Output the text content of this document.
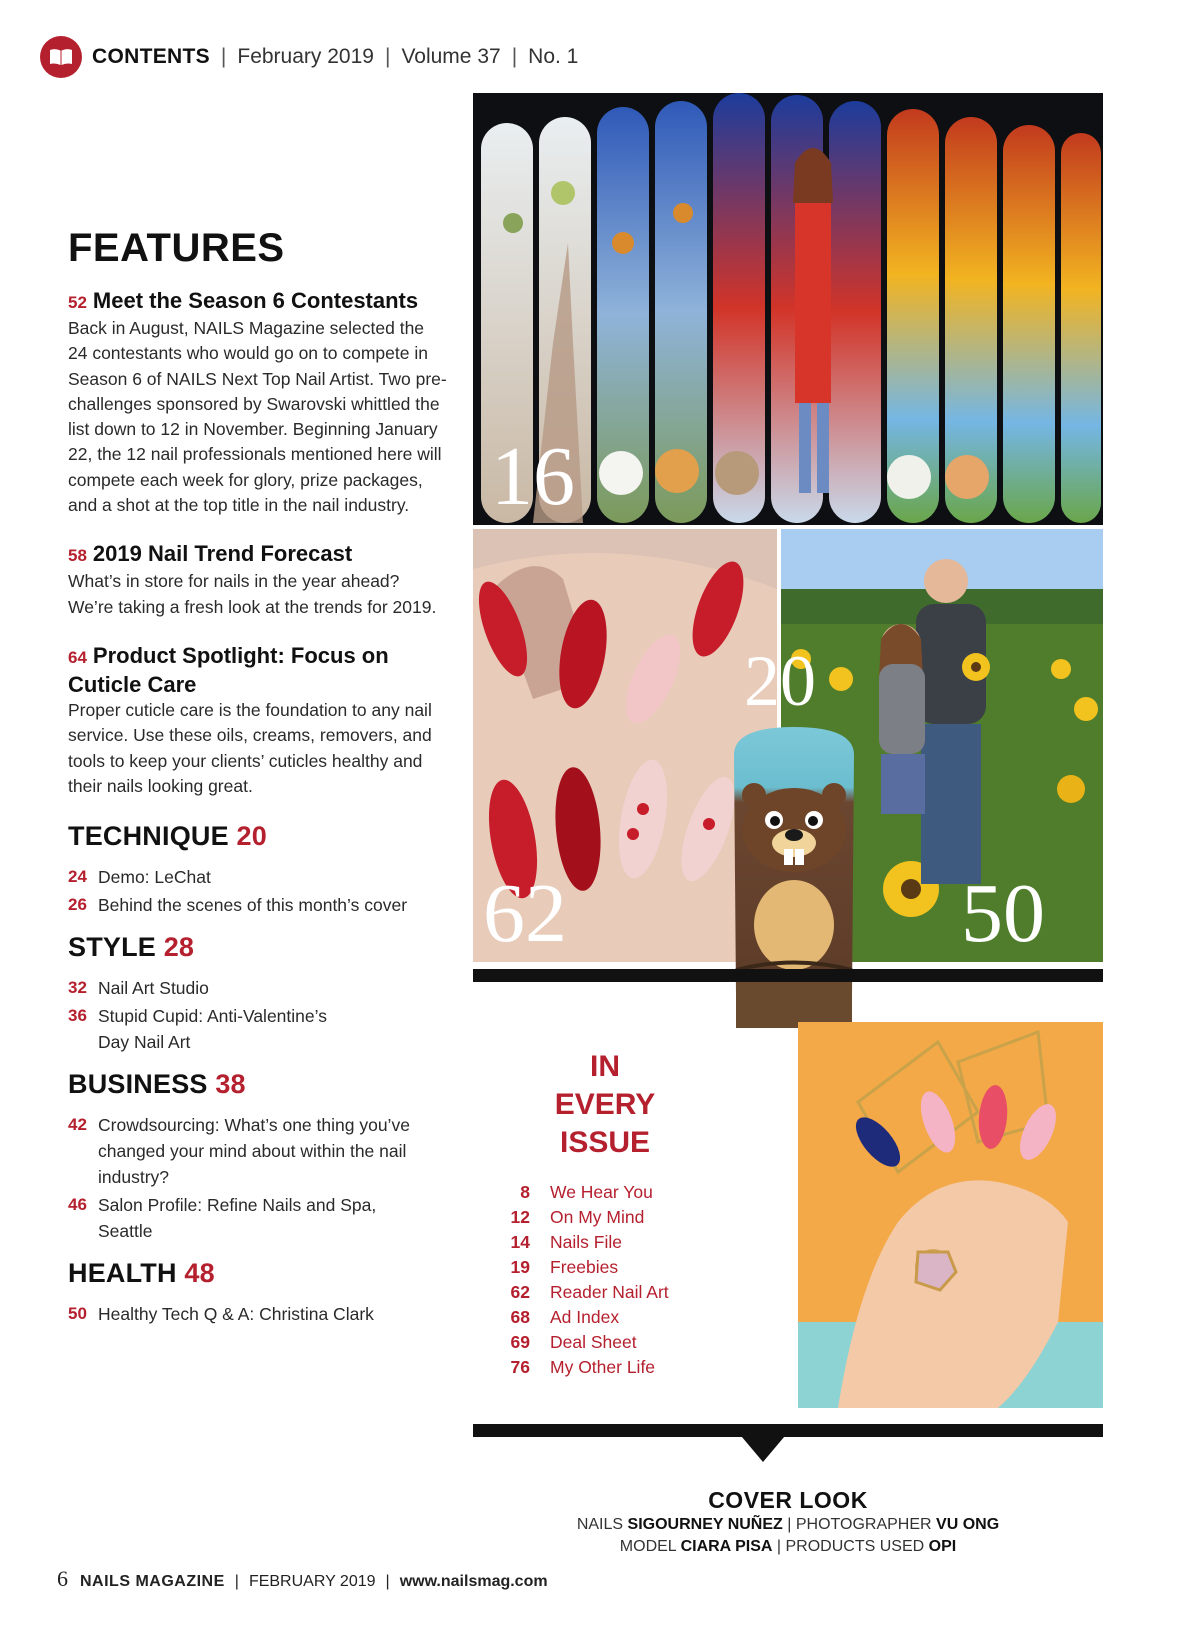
CONTENTS | February 2019 | Volume 37 | No. 1
FEATURES
52 Meet the Season 6 Contestants
Back in August, NAILS Magazine selected the 24 contestants who would go on to compete in Season 6 of NAILS Next Top Nail Artist. Two pre-challenges sponsored by Swarovski whittled the list down to 12 in November. Beginning January 22, the 12 nail professionals mentioned here will compete each week for glory, prize packages, and a shot at the top title in the nail industry.
58 2019 Nail Trend Forecast
What’s in store for nails in the year ahead? We’re taking a fresh look at the trends for 2019.
64 Product Spotlight: Focus on Cuticle Care
Proper cuticle care is the foundation to any nail service. Use these oils, creams, removers, and tools to keep your clients’ cuticles healthy and their nails looking great.
TECHNIQUE 20
24 Demo: LeChat
26 Behind the scenes of this month’s cover
STYLE 28
32 Nail Art Studio
36 Stupid Cupid: Anti-Valentine’s Day Nail Art
BUSINESS 38
42 Crowdsourcing: What’s one thing you’ve changed your mind about within the nail industry?
46 Salon Profile: Refine Nails and Spa, Seattle
HEALTH 48
50 Healthy Tech Q & A: Christina Clark
16
62	50
20
IN
EVERY
ISSUE
8 We Hear You
12 On My Mind
14 Nails File
19 Freebies
62 Reader Nail Art
68 Ad Index
69 Deal Sheet
76 My Other Life
COVER LOOK
NAILS SIGOURNEY NUÑEZ | PHOTOGRAPHER VU ONG
MODEL CIARA PISA | PRODUCTS USED OPI
6 NAILS MAGAZINE | FEBRUARY 2019 | www.nailsmag.com
